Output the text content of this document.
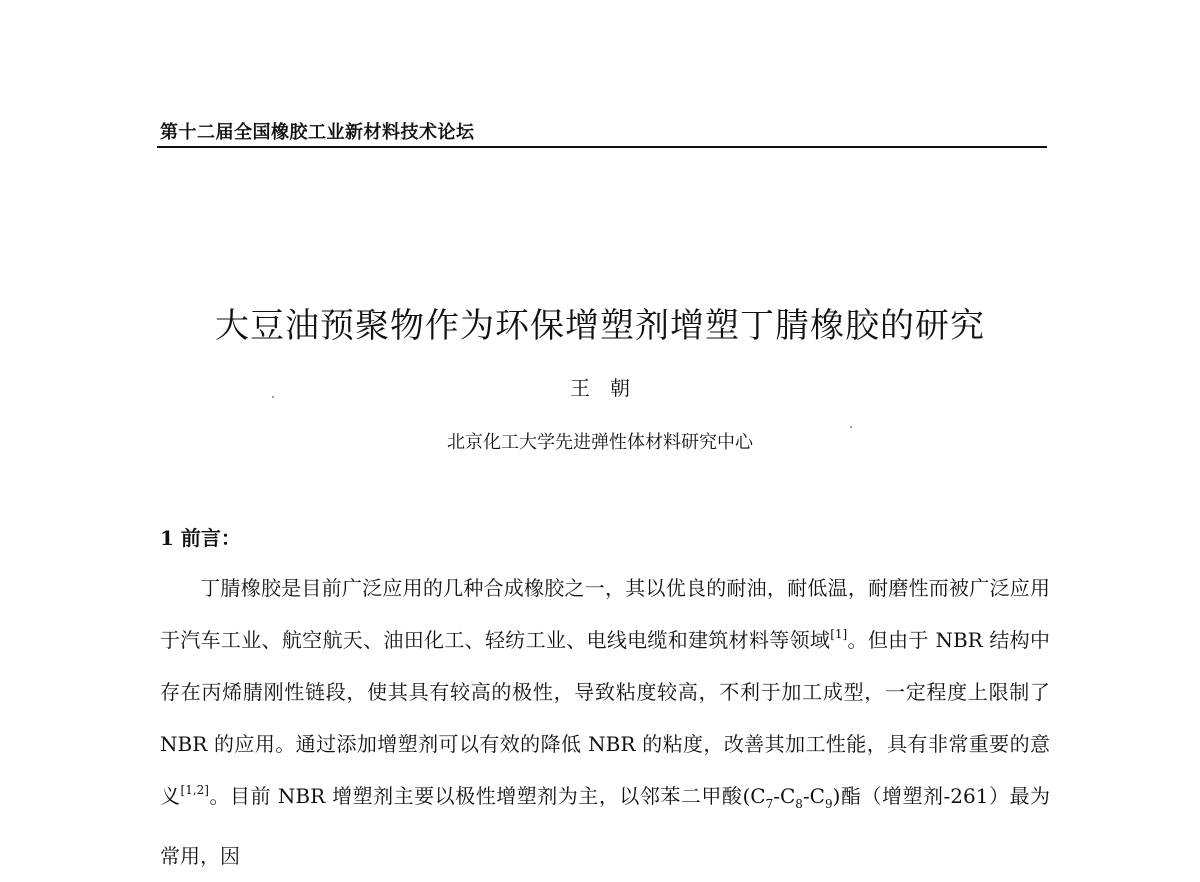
第十二届全国橡胶工业新材料技术论坛
大豆油预聚物作为环保增塑剂增塑丁腈橡胶的研究
王　朝
北京化工大学先进弹性体材料研究中心
1 前言：

丁腈橡胶是目前广泛应用的几种合成橡胶之一，其以优良的耐油，耐低温，耐磨性而被广泛应用于汽车工业、航空航天、油田化工、轻纺工业、电线电缆和建筑材料等领域[1]。但由于 NBR 结构中存在丙烯腈刚性链段，使其具有较高的极性，导致粘度较高，不利于加工成型，一定程度上限制了 NBR 的应用。通过添加增塑剂可以有效的降低 NBR 的粘度，改善其加工性能，具有非常重要的意义[1,2]。目前 NBR 增塑剂主要以极性增塑剂为主，以邻苯二甲酸$(C_7-C_8-C_9)$酯（增塑剂-261）最为常用，因
